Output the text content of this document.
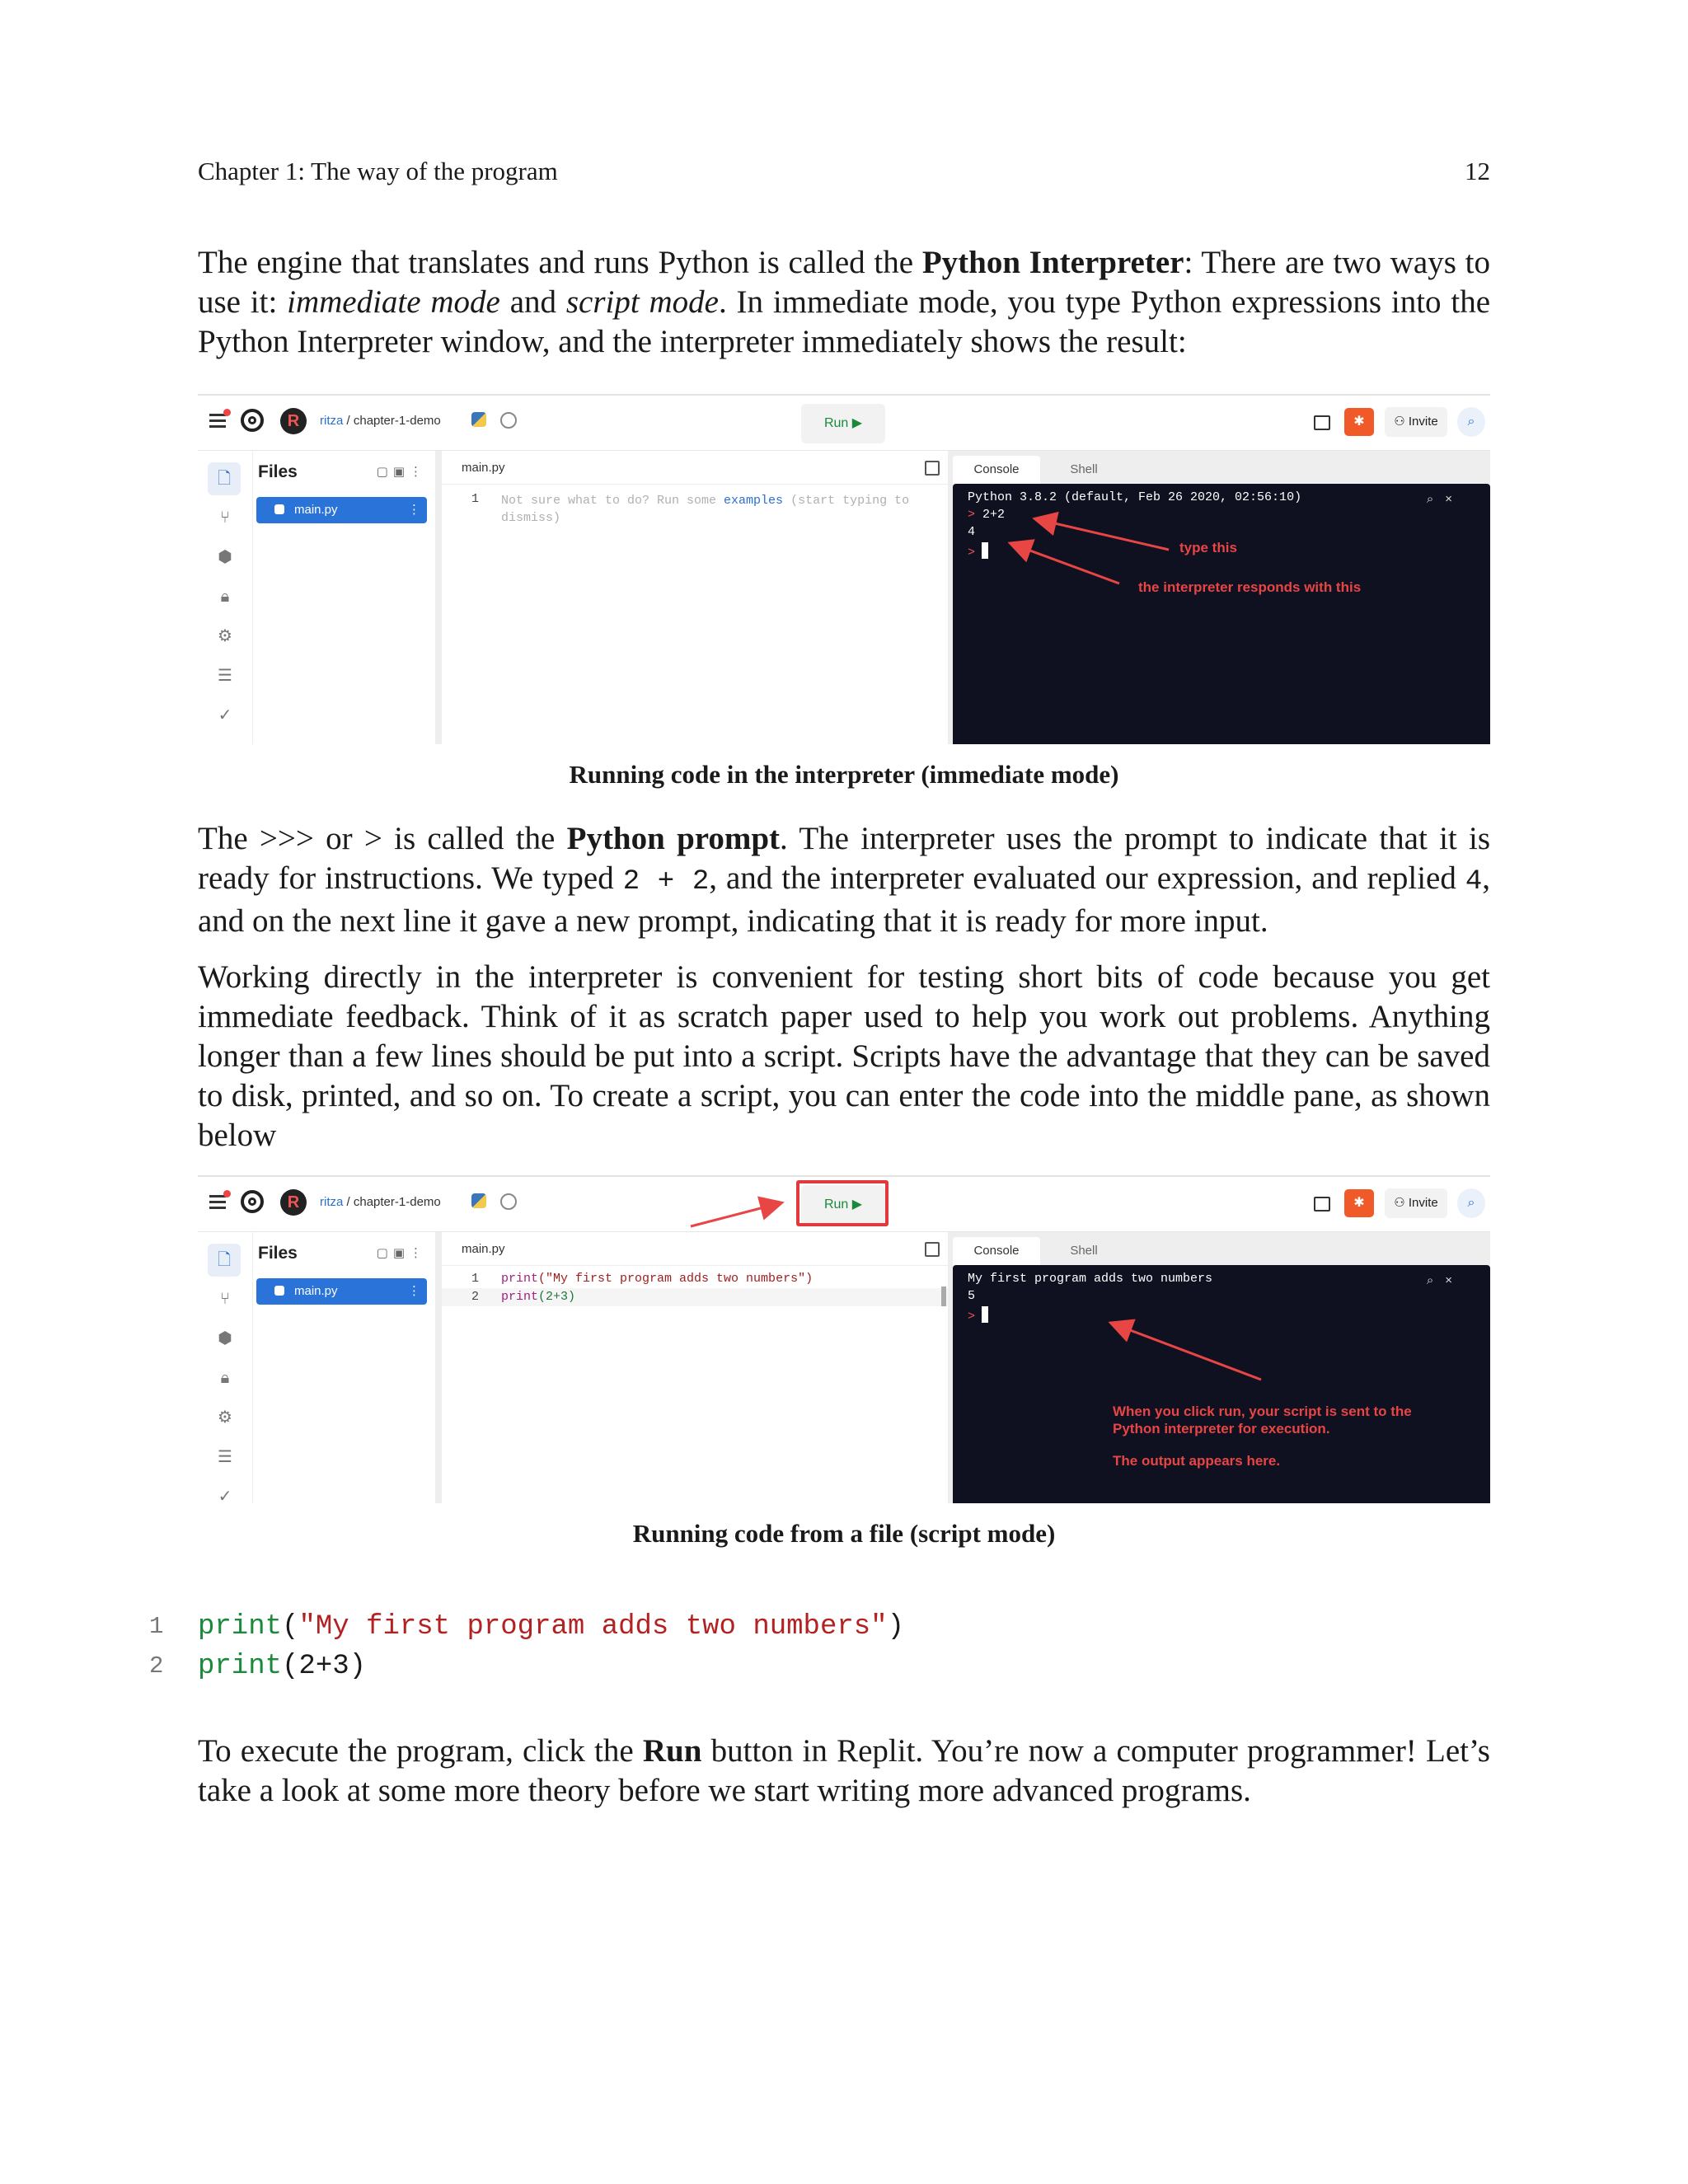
Chapter 1: The way of the program	12

The engine that translates and runs Python is called the Python Interpreter: There are two ways to use it: immediate mode and script mode. In immediate mode, you type Python expressions into the Python Interpreter window, and the interpreter immediately shows the result:

R	ritza / chapter-1-demo	Run ▶	✱	⚇ Invite	⌕
🗋
⑂
⬢
🔒︎
⚙
☰
✓
Files	▢▣⋮
main.py	⋮
main.py
1 Not sure what to do? Run some examples (start typing to dismiss)
Console	Shell
⌕×
Python 3.8.2 (default, Feb 26 2020, 02:56:10)
> 2+2
4
>	type this
the interpreter responds with this
Running code in the interpreter (immediate mode)

The >>> or > is called the Python prompt. The interpreter uses the prompt to indicate that it is ready for instructions. We typed 2 + 2, and the interpreter evaluated our expression, and replied 4, and on the next line it gave a new prompt, indicating that it is ready for more input.

Working directly in the interpreter is convenient for testing short bits of code because you get immediate feedback. Think of it as scratch paper used to help you work out problems. Anything longer than a few lines should be put into a script. Scripts have the advantage that they can be saved to disk, printed, and so on. To create a script, you can enter the code into the middle pane, as shown below

R	ritza / chapter-1-demo	Run ▶	✱	⚇ Invite	⌕
🗋
⑂
⬢
🔒︎
⚙
☰
✓
Files	▢▣⋮
main.py	⋮
main.py
1 print("My first program adds two numbers")
2 print(2+3)
Console	Shell
⌕×
My first program adds two numbers
5
>
When you click run, your script is sent to the Python interpreter for execution.
The output appears here.
Running code from a file (script mode)
1 print("My first program adds two numbers")
2 print(2+3)

To execute the program, click the Run button in Replit. You’re now a computer programmer! Let’s take a look at some more theory before we start writing more advanced programs.
